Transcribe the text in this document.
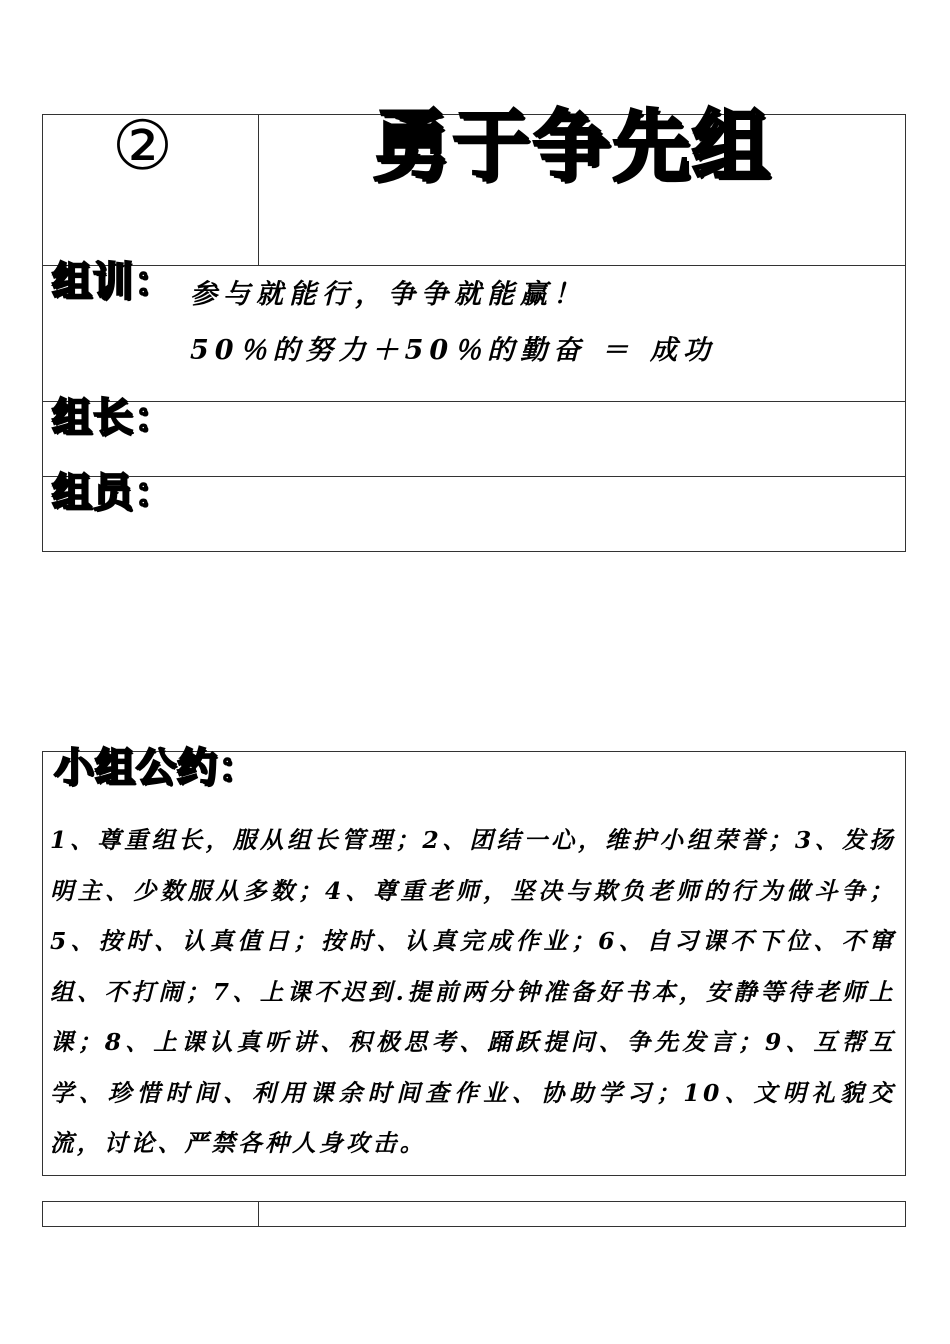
②	勇于争先组
组训： 参与就能行，争争就能赢！
50％的努力＋50％的勤奋 ＝ 成功
组长：
组员：
小组公约：
1、尊重组长，服从组长管理；2、团结一心，维护小组荣誉；3、发扬明主、少数服从多数；4、尊重老师，坚决与欺负老师的行为做斗争；5、按时、认真值日；按时、认真完成作业；6、自习课不下位、不窜组、不打闹；7、上课不迟到.提前两分钟准备好书本，安静等待老师上课；8、上课认真听讲、积极思考、踊跃提问、争先发言；9、互帮互学、珍惜时间、利用课余时间查作业、协助学习；10、文明礼貌交流，讨论、严禁各种人身攻击。
